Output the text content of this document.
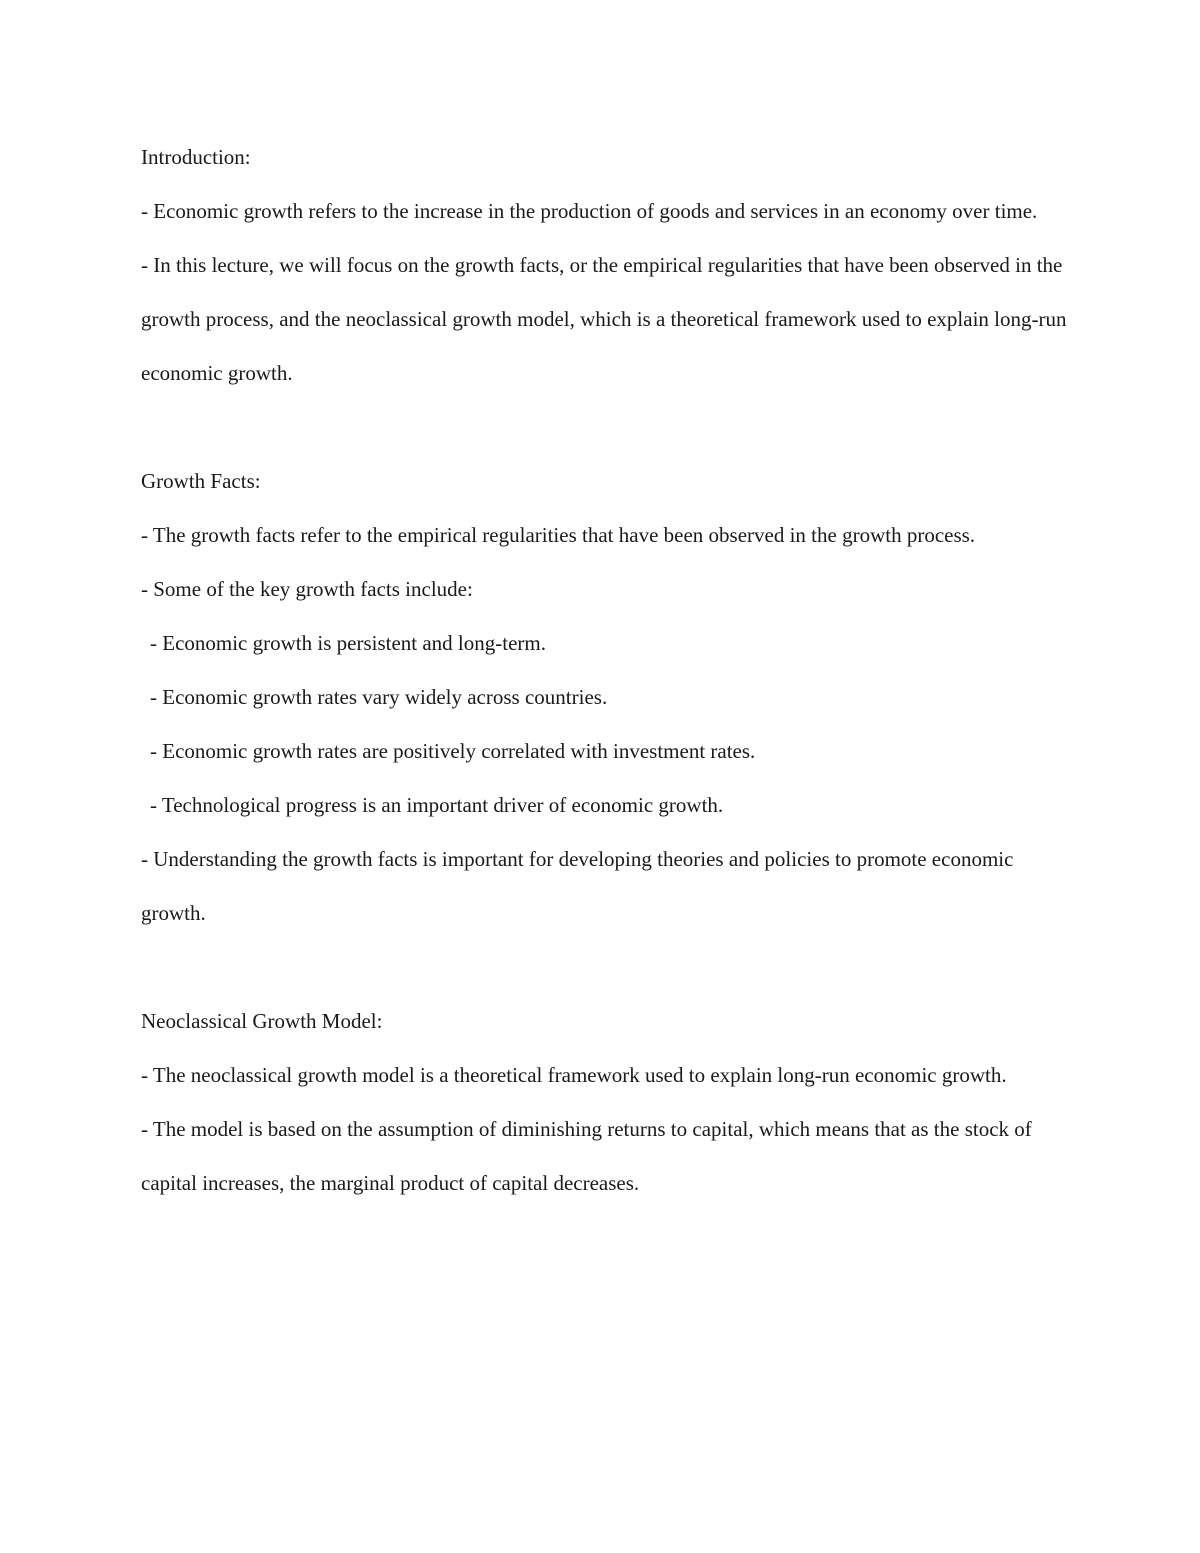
Introduction:

- Economic growth refers to the increase in the production of goods and services in an economy over time.

- In this lecture, we will focus on the growth facts, or the empirical regularities that have been observed in the growth process, and the neoclassical growth model, which is a theoretical framework used to explain long-run economic growth.

Growth Facts:

- The growth facts refer to the empirical regularities that have been observed in the growth process.

- Some of the key growth facts include:

- Economic growth is persistent and long-term.

- Economic growth rates vary widely across countries.

- Economic growth rates are positively correlated with investment rates.

- Technological progress is an important driver of economic growth.

- Understanding the growth facts is important for developing theories and policies to promote economic growth.

Neoclassical Growth Model:

- The neoclassical growth model is a theoretical framework used to explain long-run economic growth.

- The model is based on the assumption of diminishing returns to capital, which means that as the stock of capital increases, the marginal product of capital decreases.
